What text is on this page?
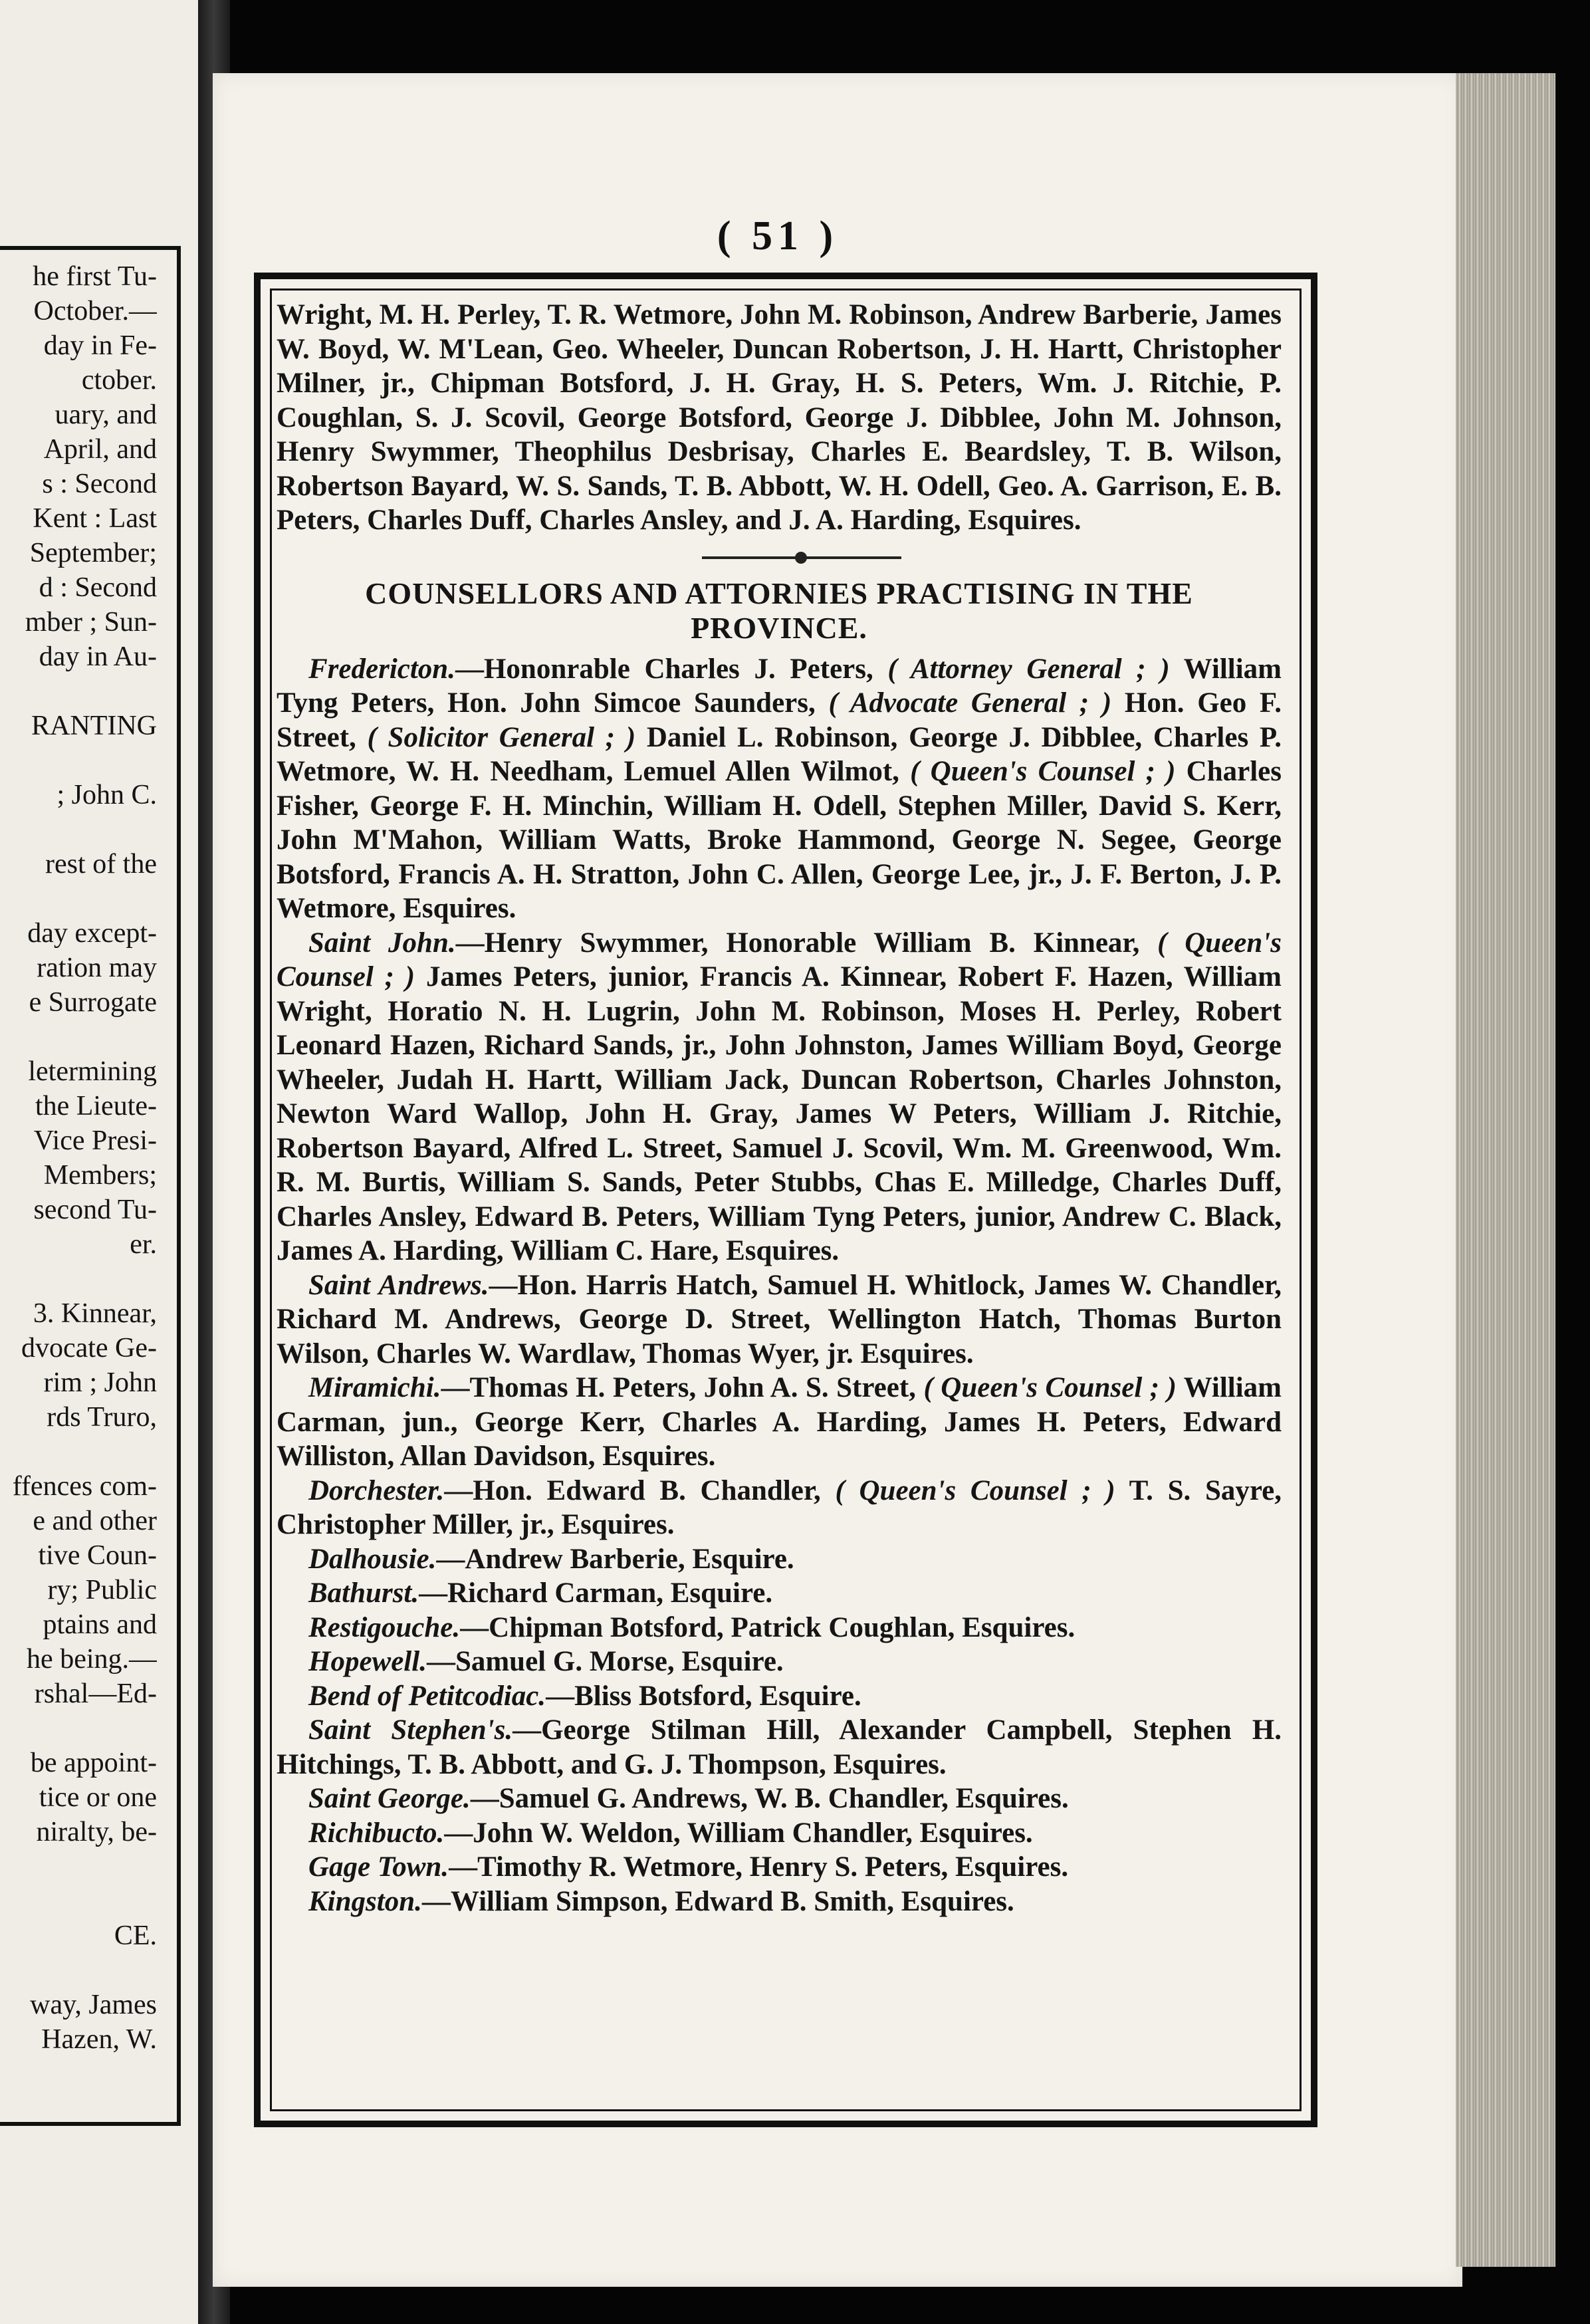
he first Tu-
October.—
day in Fe-
ctober.
uary, and
April, and
s : Second
Kent : Last
September;
d : Second
mber ; Sun-
day in Au-
RANTING
; John C.
rest of the
day except-
ration may
e Surrogate
letermining
the Lieute-
Vice Presi-
Members;
second Tu-
er.
3. Kinnear,
dvocate Ge-
rim ; John
rds Truro,
ffences com-
e and other
tive Coun-
ry; Public
ptains and
he being.—
rshal—Ed-
be appoint-
tice or one
niralty, be-
CE.
way, James
Hazen, W.
( 51 )

Wright, M. H. Perley, T. R. Wetmore, John M. Robinson, Andrew Barberie, James W. Boyd, W. M'Lean, Geo. Wheeler, Duncan Robertson, J. H. Hartt, Christopher Milner, jr., Chipman Botsford, J. H. Gray, H. S. Peters, Wm. J. Ritchie, P. Coughlan, S. J. Scovil, George Botsford, George J. Dibblee, John M. Johnson, Henry Swymmer, Theophilus Desbrisay, Charles E. Beardsley, T. B. Wilson, Robertson Bayard, W. S. Sands, T. B. Abbott, W. H. Odell, Geo. A. Garrison, E. B. Peters, Charles Duff, Charles Ansley, and J. A. Harding, Esquires.

COUNSELLORS AND ATTORNIES PRACTISING IN THE PROVINCE.

Fredericton.—Hononrable Charles J. Peters, ( Attorney General ; ) William Tyng Peters, Hon. John Simcoe Saunders, ( Advocate General ; ) Hon. Geo F. Street, ( Solicitor General ; ) Daniel L. Robinson, George J. Dibblee, Charles P. Wetmore, W. H. Needham, Lemuel Allen Wilmot, ( Queen's Counsel ; ) Charles Fisher, George F. H. Minchin, William H. Odell, Stephen Miller, David S. Kerr, John M'Mahon, William Watts, Broke Hammond, George N. Segee, George Botsford, Francis A. H. Stratton, John C. Allen, George Lee, jr., J. F. Berton, J. P. Wetmore, Esquires.

Saint John.—Henry Swymmer, Honorable William B. Kinnear, ( Queen's Counsel ; ) James Peters, junior, Francis A. Kinnear, Robert F. Hazen, William Wright, Horatio N. H. Lugrin, John M. Robinson, Moses H. Perley, Robert Leonard Hazen, Richard Sands, jr., John Johnston, James William Boyd, George Wheeler, Judah H. Hartt, William Jack, Duncan Robertson, Charles Johnston, Newton Ward Wallop, John H. Gray, James W Peters, William J. Ritchie, Robertson Bayard, Alfred L. Street, Samuel J. Scovil, Wm. M. Greenwood, Wm. R. M. Burtis, William S. Sands, Peter Stubbs, Chas E. Milledge, Charles Duff, Charles Ansley, Edward B. Peters, William Tyng Peters, junior, Andrew C. Black, James A. Harding, William C. Hare, Esquires.

Saint Andrews.—Hon. Harris Hatch, Samuel H. Whitlock, James W. Chandler, Richard M. Andrews, George D. Street, Wellington Hatch, Thomas Burton Wilson, Charles W. Wardlaw, Thomas Wyer, jr. Esquires.

Miramichi.—Thomas H. Peters, John A. S. Street, ( Queen's Counsel ; ) William Carman, jun., George Kerr, Charles A. Harding, James H. Peters, Edward Williston, Allan Davidson, Esquires.

Dorchester.—Hon. Edward B. Chandler, ( Queen's Counsel ; ) T. S. Sayre, Christopher Miller, jr., Esquires.

Dalhousie.—Andrew Barberie, Esquire.

Bathurst.—Richard Carman, Esquire.

Restigouche.—Chipman Botsford, Patrick Coughlan, Esquires.

Hopewell.—Samuel G. Morse, Esquire.

Bend of Petitcodiac.—Bliss Botsford, Esquire.

Saint Stephen's.—George Stilman Hill, Alexander Campbell, Stephen H. Hitchings, T. B. Abbott, and G. J. Thompson, Esquires.

Saint George.—Samuel G. Andrews, W. B. Chandler, Esquires.

Richibucto.—John W. Weldon, William Chandler, Esquires.

Gage Town.—Timothy R. Wetmore, Henry S. Peters, Esquires.

Kingston.—William Simpson, Edward B. Smith, Esquires.
